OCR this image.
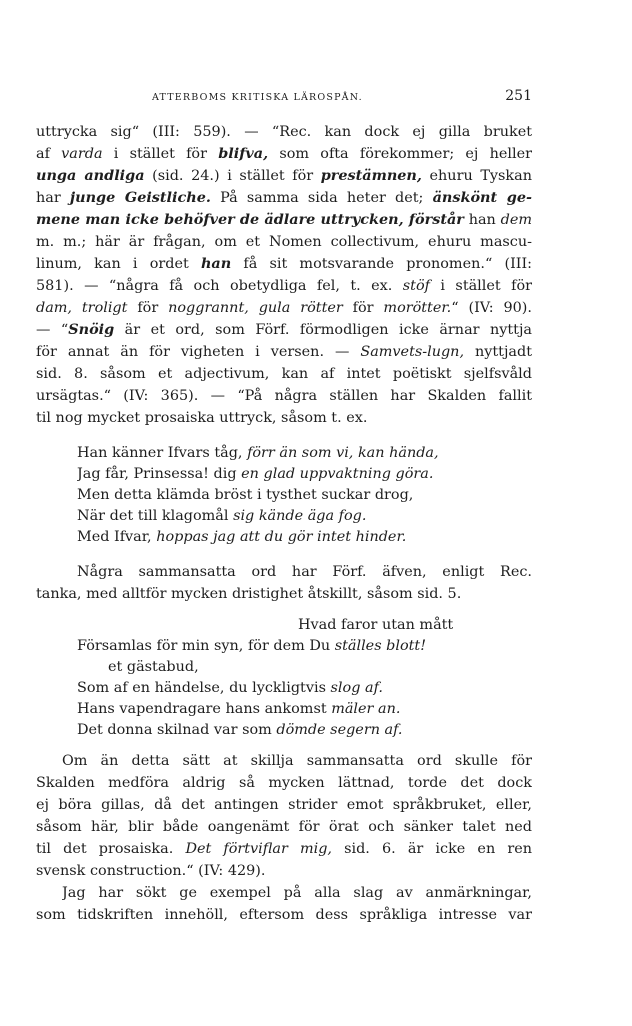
ATTERBOMS KRITISKA LÄROSPÅN.	251
uttrycka sig“ (III: 559). — “Rec. kan dock ej gilla bruket
af varda i stället för blifva, som ofta förekommer; ej heller
unga andliga (sid. 24.) i stället för prestämnen, ehuru Tyskan
har junge Geistliche. På samma sida heter det; änskönt ge-
mene man icke behöfver de ädlare uttrycken, förstår han dem
m. m.; här är frågan, om et Nomen collectivum, ehuru mascu-
linum, kan i ordet han få sit motsvarande pronomen.“ (III:
581). — “några få och obetydliga fel, t. ex. stöf i stället för
dam, troligt för noggrannt, gula rötter för morötter.“ (IV: 90).
— “Snöig är et ord, som Förf. förmodligen icke ärnar nyttja
för annat än för vigheten i versen. — Samvets-lugn, nyttjadt
sid. 8. såsom et adjectivum, kan af intet poëtiskt sjelfsvåld
ursägtas.“ (IV: 365). — “På några ställen har Skalden fallit
til nog mycket prosaiska uttryck, såsom t. ex.
Han känner Ifvars tåg, förr än som vi, kan hända,
Jag får, Prinsessa! dig en glad uppvaktning göra.
Men detta klämda bröst i tysthet suckar drog,
När det till klagomål sig kände äga fog.
Med Ifvar, hoppas jag att du gör intet hinder.
Några sammansatta ord har Förf. äfven, enligt Rec.
tanka, med alltför mycken dristighet åtskillt, såsom sid. 5.
Hvad faror utan mått
Församlas för min syn, för dem Du ställes blott!
et gästabud,
Som af en händelse, du lyckligtvis slog af.
Hans vapendragare hans ankomst mäler an.
Det donna skilnad var som dömde segern af.
Om än detta sätt at skillja sammansatta ord skulle för
Skalden medföra aldrig så mycken lättnad, torde det dock
ej böra gillas, då det antingen strider emot språkbruket, eller,
såsom här, blir både oangenämt för örat och sänker talet ned
til det prosaiska. Det förtviflar mig, sid. 6. är icke en ren
svensk construction.“ (IV: 429).
Jag har sökt ge exempel på alla slag av anmärkningar,
som tidskriften innehöll, eftersom dess språkliga intresse var
